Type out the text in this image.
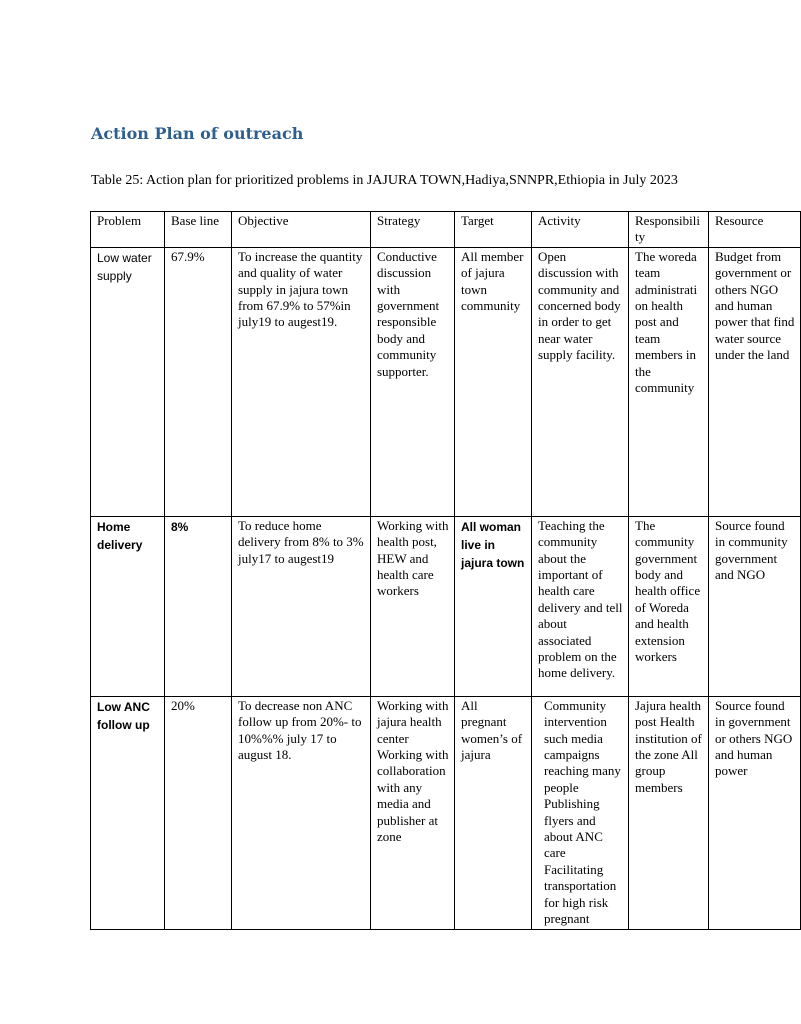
Action Plan of outreach

Table 25: Action plan for prioritized problems in JAJURA TOWN,Hadiya,SNNPR,Ethiopia in July 2023

Problem	Base line	Objective	Strategy	Target	Activity	Responsibility	Resource
Low water supply	67.9%	To increase the quantity and quality of water supply in jajura town from 67.9% to 57%in july19 to augest19.	Conductive discussion with government responsible body and community supporter.	All member of jajura town community	Open discussion with community and concerned body in order to get near water supply facility.	The woreda team administration health post and team members in the community	Budget from government or others NGO and human power that find water source under the land
Home delivery	8%	To reduce home delivery from 8% to 3% july17 to augest19	Working with health post, HEW and health care workers	All woman live in jajura town	Teaching the community about the important of health care delivery and tell about associated problem on the home delivery.	The community government body and health office of Woreda and health extension workers	Source found in community government and NGO
Low ANC follow up	20%	To decrease non ANC follow up from 20%- to 10%%% july 17 to august 18.	Working with jajura health center Working with collaboration with any media and publisher at zone	All pregnant women’s of jajura	Community intervention such media campaigns reaching many people Publishing flyers and about ANC care Facilitating transportation for high risk pregnant	Jajura health post Health institution of the zone All group members	Source found in government or others NGO and human power
